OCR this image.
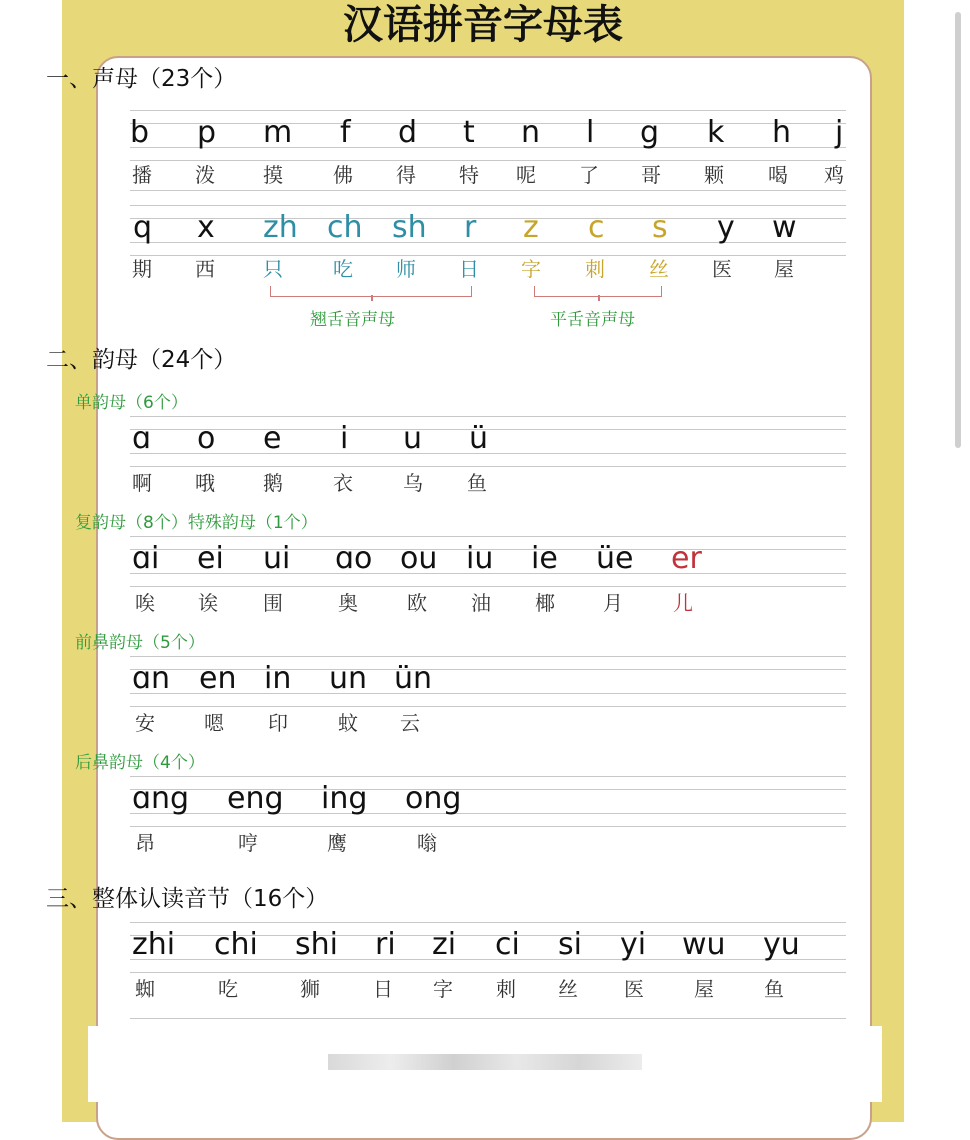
汉语拼音字母表
一、声母（23个）
b p m f d t n l g k h j
播 泼 摸	佛 得 特 呢 了 哥 颗 喝 鸡
q x zh ch sh r z c s y w
期 西 只	吃 师 日 字 刺 丝 医 屋
翘舌音声母	平舌音声母
二、韵母（24个）
单韵母（6个）
ɑ o e i u ü
啊 哦 鹅	衣	乌 鱼
复韵母（8个）特殊韵母（1个）
ɑi ei ui ɑo ou iu ie üe er
唉 诶 围	奥 欧 油 椰 月	儿
前鼻韵母（5个）
ɑn en in un ün
安 嗯 印	蚊 云
后鼻韵母（4个）
ɑng eng ing ong
昂	哼	鹰	嗡
三、整体认读音节（16个）
zhi chi shi ri zi ci si yi wu yu
蜘	吃	狮	日 字 刺 丝 医	屋	鱼
